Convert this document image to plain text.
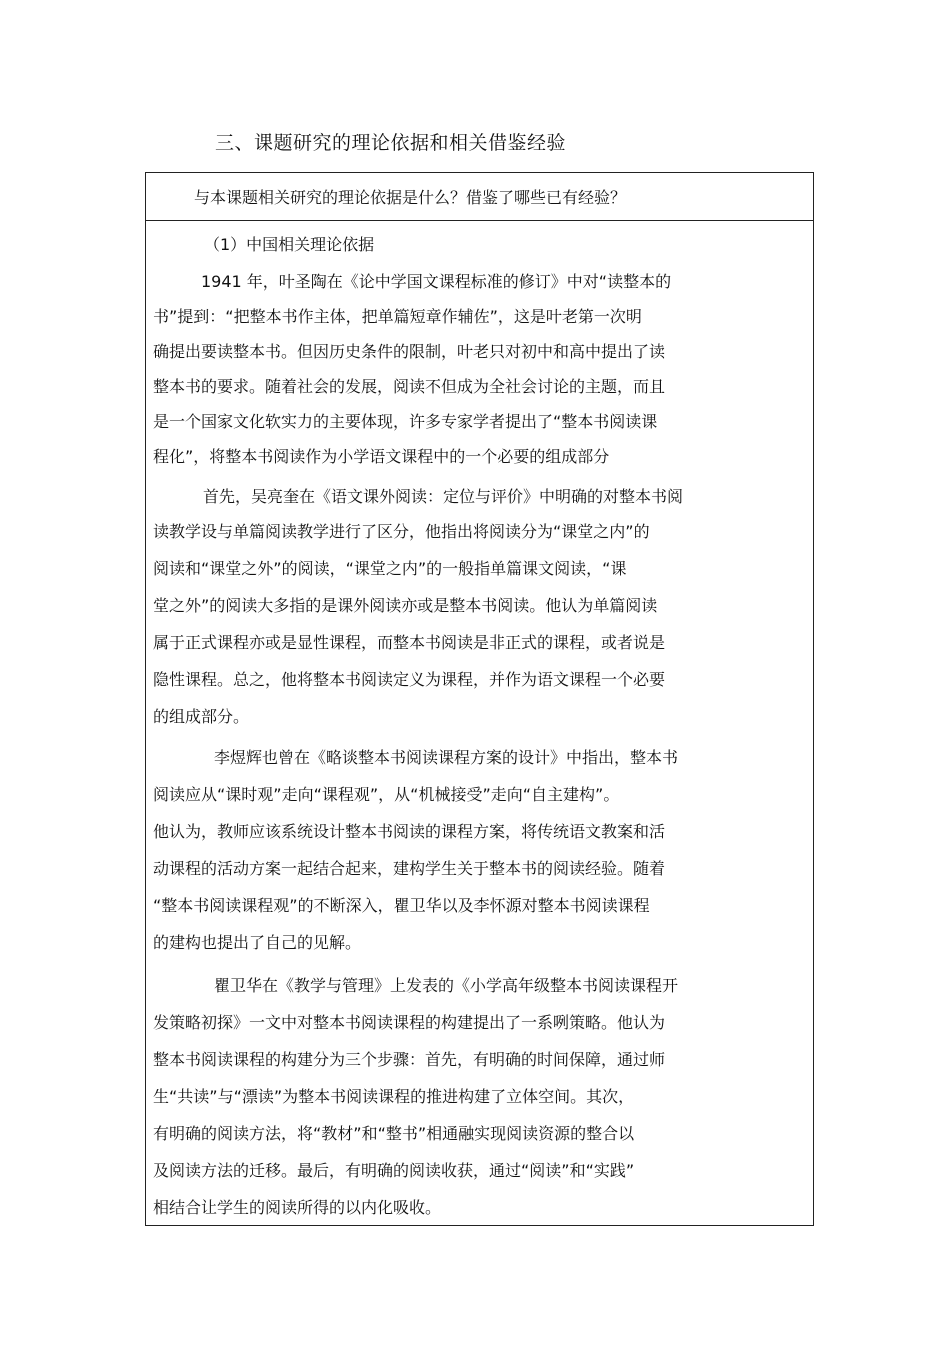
三、课题研究的理论依据和相关借鉴经验
与本课题相关研究的理论依据是什么？借鉴了哪些已有经验？
（1）中国相关理论依据
1941 年，叶圣陶在《论中学国文课程标准的修订》中对“读整本的
书”提到：“把整本书作主体，把单篇短章作辅佐”，这是叶老第一次明
确提出要读整本书。但因历史条件的限制，叶老只对初中和高中提出了读
整本书的要求。随着社会的发展，阅读不但成为全社会讨论的主题，而且
是一个国家文化软实力的主要体现，许多专家学者提出了“整本书阅读课
程化”，将整本书阅读作为小学语文课程中的一个必要的组成部分
首先，吴亮奎在《语文课外阅读：定位与评价》中明确的对整本书阅
读教学设与单篇阅读教学进行了区分，他指出将阅读分为“课堂之内”的
阅读和“课堂之外”的阅读，“课堂之内”的一般指单篇课文阅读，“课
堂之外”的阅读大多指的是课外阅读亦或是整本书阅读。他认为单篇阅读
属于正式课程亦或是显性课程，而整本书阅读是非正式的课程，或者说是
隐性课程。总之，他将整本书阅读定义为课程，并作为语文课程一个必要
的组成部分。
李煜辉也曾在《略谈整本书阅读课程方案的设计》中指出，整本书
阅读应从“课时观”走向“课程观”，从“机械接受”走向“自主建构”。
他认为，教师应该系统设计整本书阅读的课程方案，将传统语文教案和活
动课程的活动方案一起结合起来，建构学生关于整本书的阅读经验。随着
“整本书阅读课程观”的不断深入，瞿卫华以及李怀源对整本书阅读课程
的建构也提出了自己的见解。
瞿卫华在《教学与管理》上发表的《小学高年级整本书阅读课程开
发策略初探》一文中对整本书阅读课程的构建提出了一系咧策略。他认为
整本书阅读课程的构建分为三个步骤：首先，有明确的时间保障，通过师
生“共读”与“漂读”为整本书阅读课程的推进构建了立体空间。其次，
有明确的阅读方法，将“教材”和“整书”相通融实现阅读资源的整合以
及阅读方法的迁移。最后，有明确的阅读收获，通过“阅读”和“实践”
相结合让学生的阅读所得的以内化吸收。
